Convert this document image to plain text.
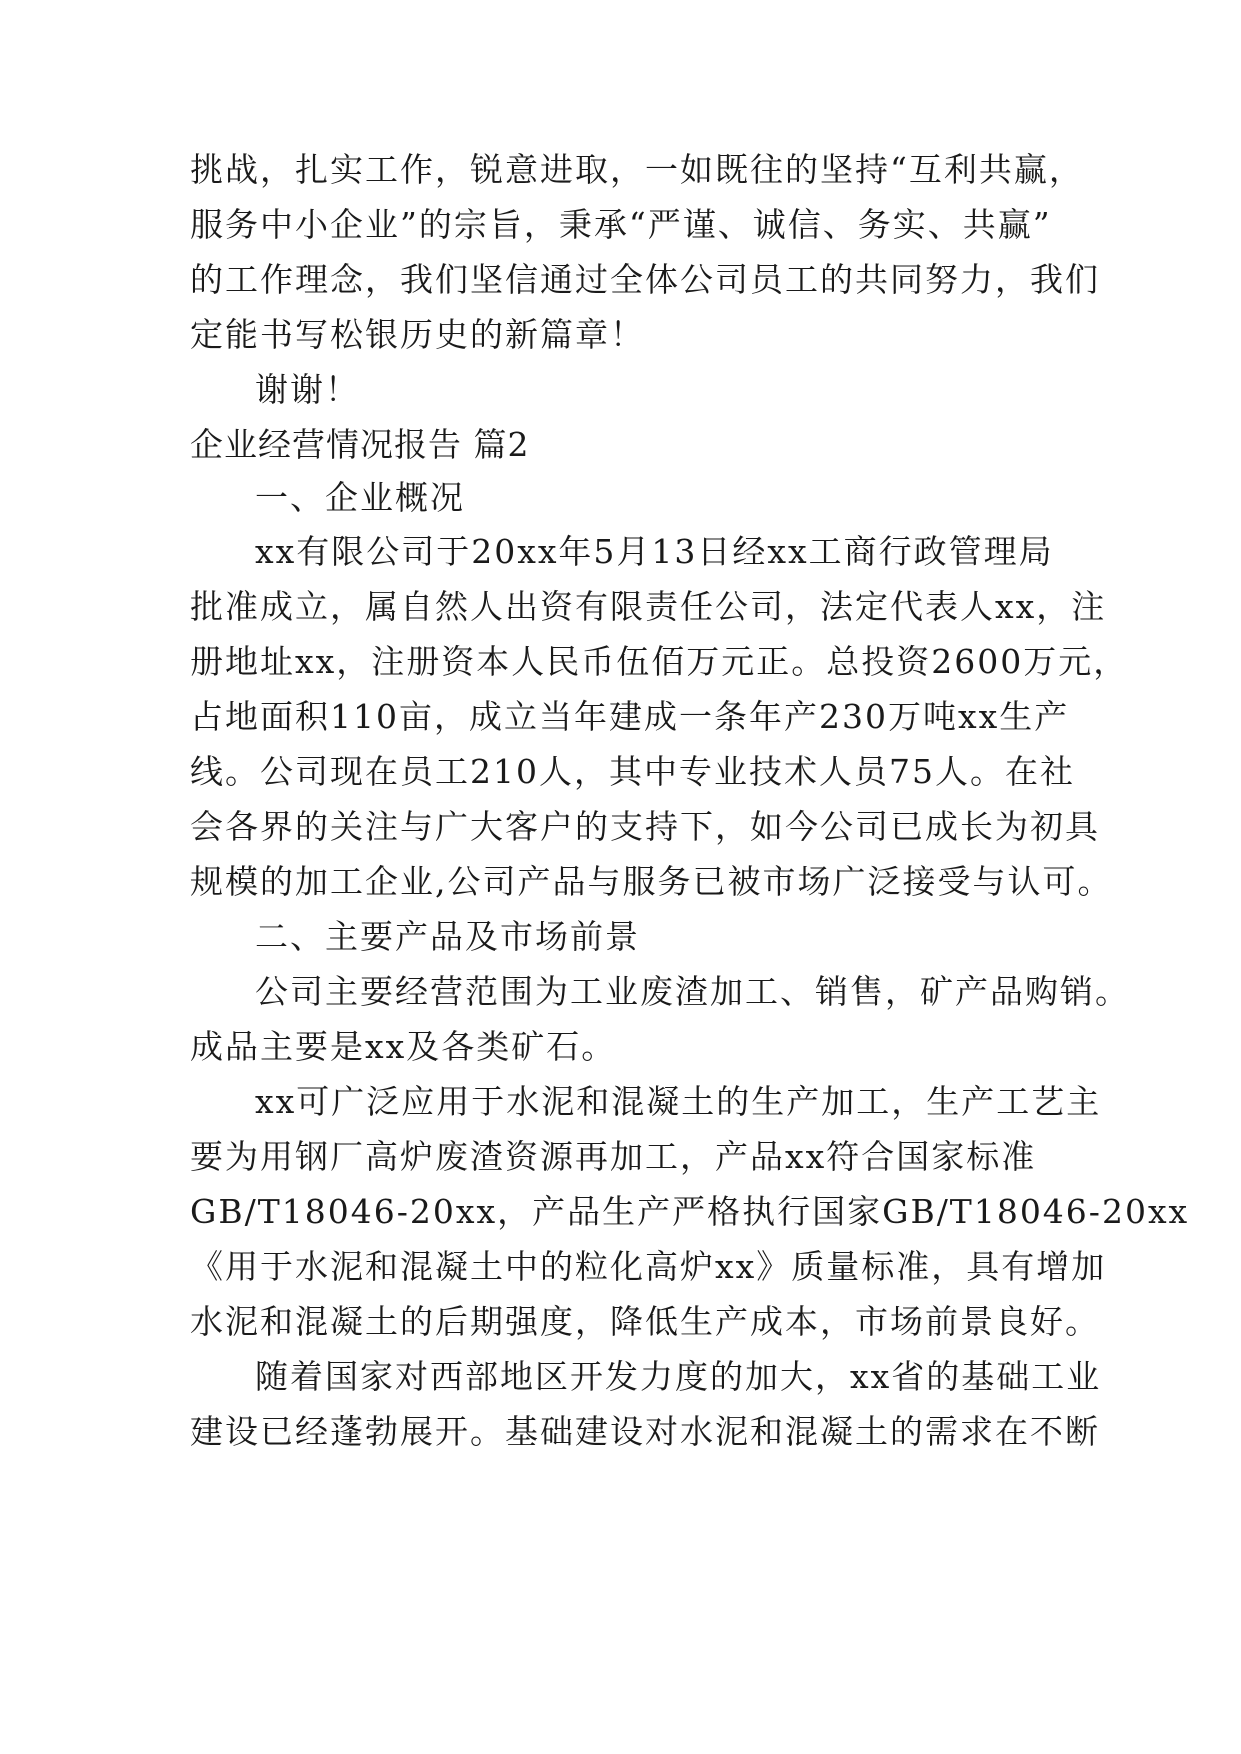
挑战，扎实工作，锐意进取，一如既往的坚持“互利共赢，
服务中小企业”的宗旨，秉承“严谨、诚信、务实、共赢”
的工作理念，我们坚信通过全体公司员工的共同努力，我们
定能书写松银历史的新篇章！
谢谢！
企业经营情况报告 篇2
一、企业概况
xx有限公司于20xx年5月13日经xx工商行政管理局
批准成立，属自然人出资有限责任公司，法定代表人xx，注
册地址xx，注册资本人民币伍佰万元正。总投资2600万元，
占地面积110亩，成立当年建成一条年产230万吨xx生产
线。公司现在员工210人，其中专业技术人员75人。在社
会各界的关注与广大客户的支持下，如今公司已成长为初具
规模的加工企业,公司产品与服务已被市场广泛接受与认可。
二、主要产品及市场前景
公司主要经营范围为工业废渣加工、销售，矿产品购销。
成品主要是xx及各类矿石。
xx可广泛应用于水泥和混凝土的生产加工，生产工艺主
要为用钢厂高炉废渣资源再加工，产品xx符合国家标准
GB/T18046-20xx，产品生产严格执行国家GB/T18046-20xx
《用于水泥和混凝土中的粒化高炉xx》质量标准，具有增加
水泥和混凝土的后期强度，降低生产成本，市场前景良好。
随着国家对西部地区开发力度的加大，xx省的基础工业
建设已经蓬勃展开。基础建设对水泥和混凝土的需求在不断
